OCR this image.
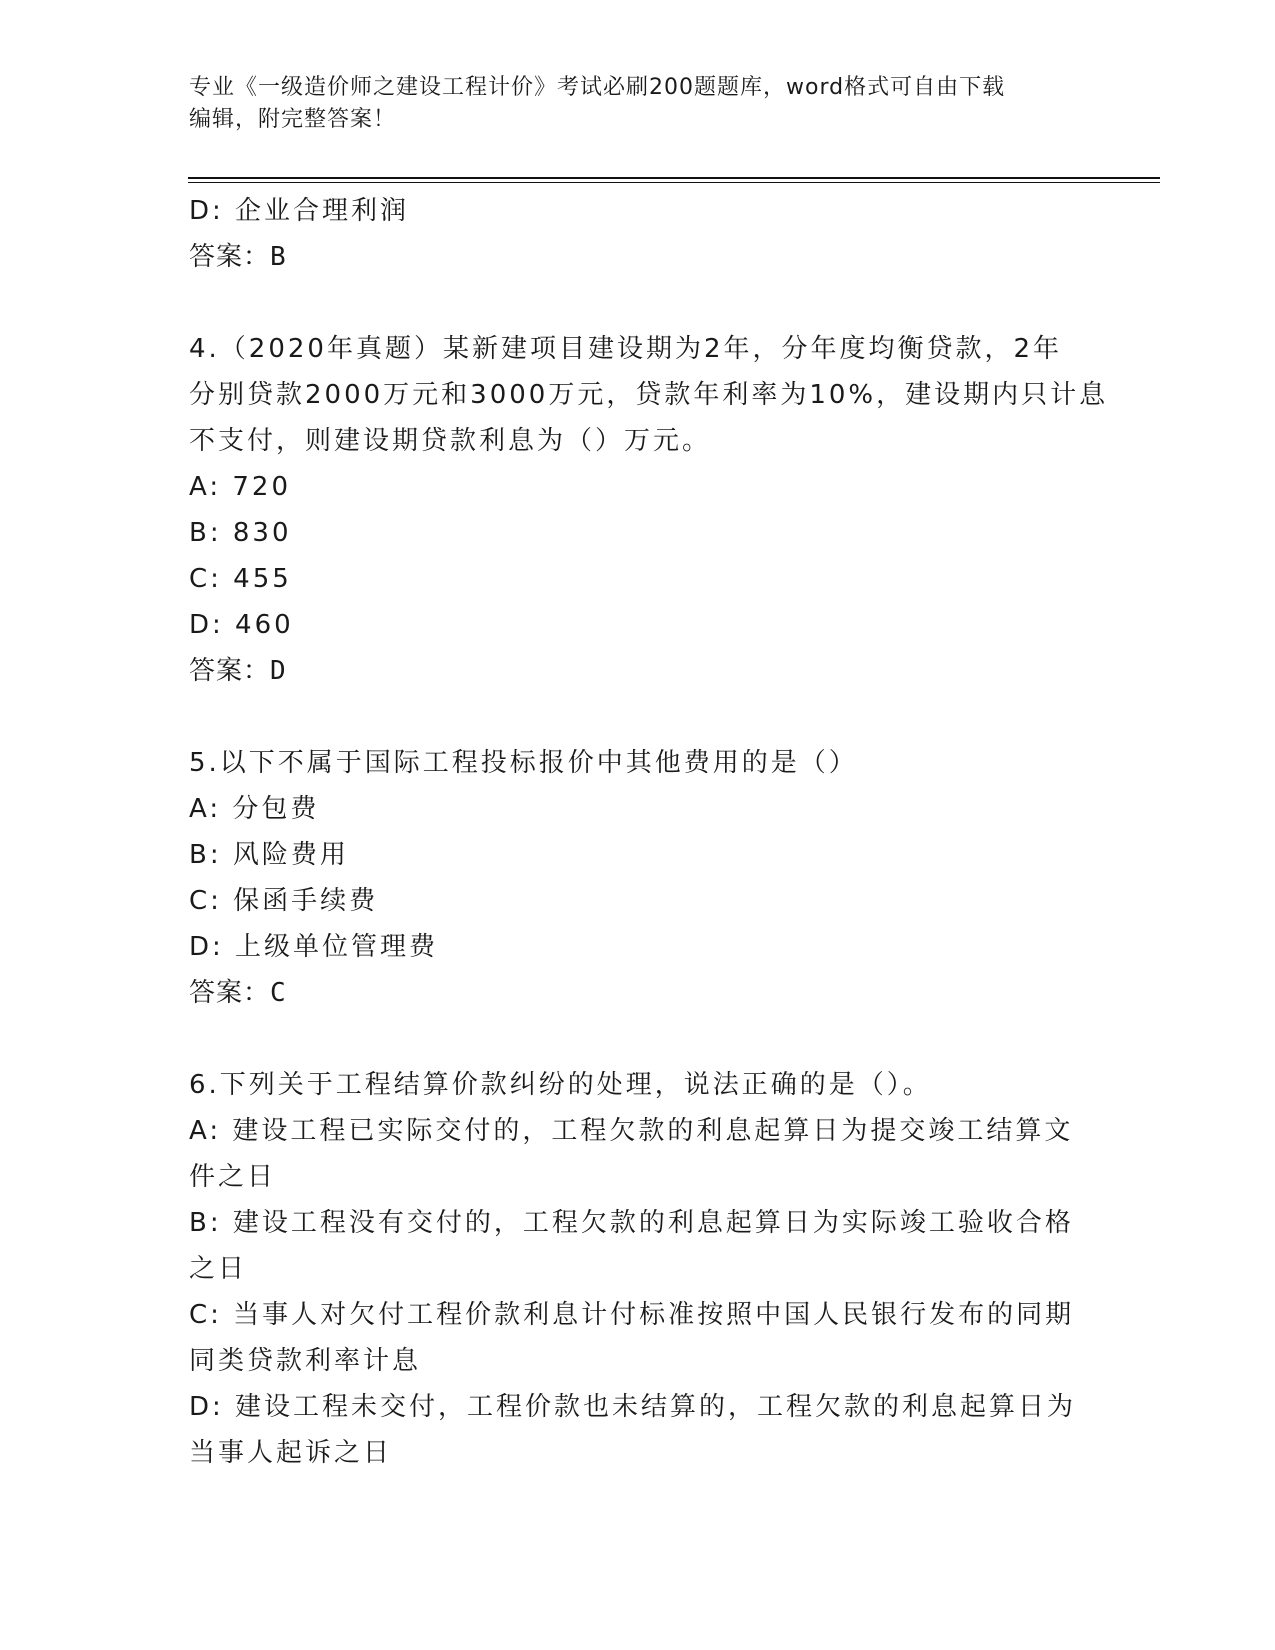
专业《一级造价师之建设工程计价》考试必刷200题题库，word格式可自由下载
编辑，附完整答案！
D: 企业合理利润
答案：B
4.（2020年真题）某新建项目建设期为2年，分年度均衡贷款，2年
分别贷款2000万元和3000万元，贷款年利率为10%，建设期内只计息
不支付，则建设期贷款利息为（）万元。
A: 720
B: 830
C: 455
D: 460
答案：D
5.以下不属于国际工程投标报价中其他费用的是（）
A: 分包费
B: 风险费用
C: 保函手续费
D: 上级单位管理费
答案：C
6.下列关于工程结算价款纠纷的处理，说法正确的是（）。
A: 建设工程已实际交付的，工程欠款的利息起算日为提交竣工结算文
件之日
B: 建设工程没有交付的，工程欠款的利息起算日为实际竣工验收合格
之日
C: 当事人对欠付工程价款利息计付标准按照中国人民银行发布的同期
同类贷款利率计息
D: 建设工程未交付，工程价款也未结算的，工程欠款的利息起算日为
当事人起诉之日
